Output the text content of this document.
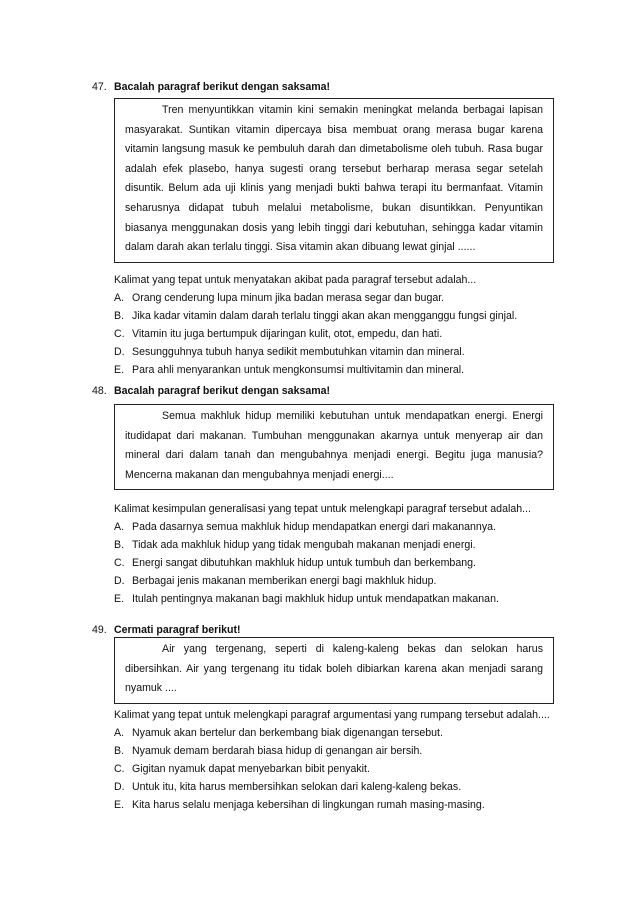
47. Bacalah paragraf berikut dengan saksama!
Tren menyuntikkan vitamin kini semakin meningkat melanda berbagai lapisan masyarakat. Suntikan vitamin dipercaya bisa membuat orang merasa bugar karena vitamin langsung masuk ke pembuluh darah dan dimetabolisme oleh tubuh. Rasa bugar adalah efek plasebo, hanya sugesti orang tersebut berharap merasa segar setelah disuntik. Belum ada uji klinis yang menjadi bukti bahwa terapi itu bermanfaat. Vitamin seharusnya didapat tubuh melalui metabolisme, bukan disuntikkan. Penyuntikan biasanya menggunakan dosis yang lebih tinggi dari kebutuhan, sehingga kadar vitamin dalam darah akan terlalu tinggi. Sisa vitamin akan dibuang lewat ginjal ......
Kalimat yang tepat untuk menyatakan akibat pada paragraf tersebut adalah...
A. Orang cenderung lupa minum jika badan merasa segar dan bugar.
B. Jika kadar vitamin dalam darah terlalu tinggi akan akan mengganggu fungsi ginjal.
C. Vitamin itu juga bertumpuk dijaringan kulit, otot, empedu, dan hati.
D. Sesungguhnya tubuh hanya sedikit membutuhkan vitamin dan mineral.
E. Para ahli menyarankan untuk mengkonsumsi multivitamin dan mineral.
48. Bacalah paragraf berikut dengan saksama!
Semua makhluk hidup memiliki kebutuhan untuk mendapatkan energi. Energi itudidapat dari makanan. Tumbuhan menggunakan akarnya untuk menyerap air dan mineral dari dalam tanah dan mengubahnya menjadi energi. Begitu juga manusia? Mencerna makanan dan mengubahnya menjadi energi....
Kalimat kesimpulan generalisasi yang tepat untuk melengkapi paragraf tersebut adalah...
A. Pada dasarnya semua makhluk hidup mendapatkan energi dari makanannya.
B. Tidak ada makhluk hidup yang tidak mengubah makanan menjadi energi.
C. Energi sangat dibutuhkan makhluk hidup untuk tumbuh dan berkembang.
D. Berbagai jenis makanan memberikan energi bagi makhluk hidup.
E. Itulah pentingnya makanan bagi makhluk hidup untuk mendapatkan makanan.
49. Cermati paragraf berikut!
Air yang tergenang, seperti di kaleng-kaleng bekas dan selokan harus dibersihkan. Air yang tergenang itu tidak boleh dibiarkan karena akan menjadi sarang nyamuk ....
Kalimat yang tepat untuk melengkapi paragraf argumentasi yang rumpang tersebut adalah....
A. Nyamuk akan bertelur dan berkembang biak digenangan tersebut.
B. Nyamuk demam berdarah biasa hidup di genangan air bersih.
C. Gigitan nyamuk dapat menyebarkan bibit penyakit.
D. Untuk itu, kita harus membersihkan selokan dari kaleng-kaleng bekas.
E. Kita harus selalu menjaga kebersihan di lingkungan rumah masing-masing.
